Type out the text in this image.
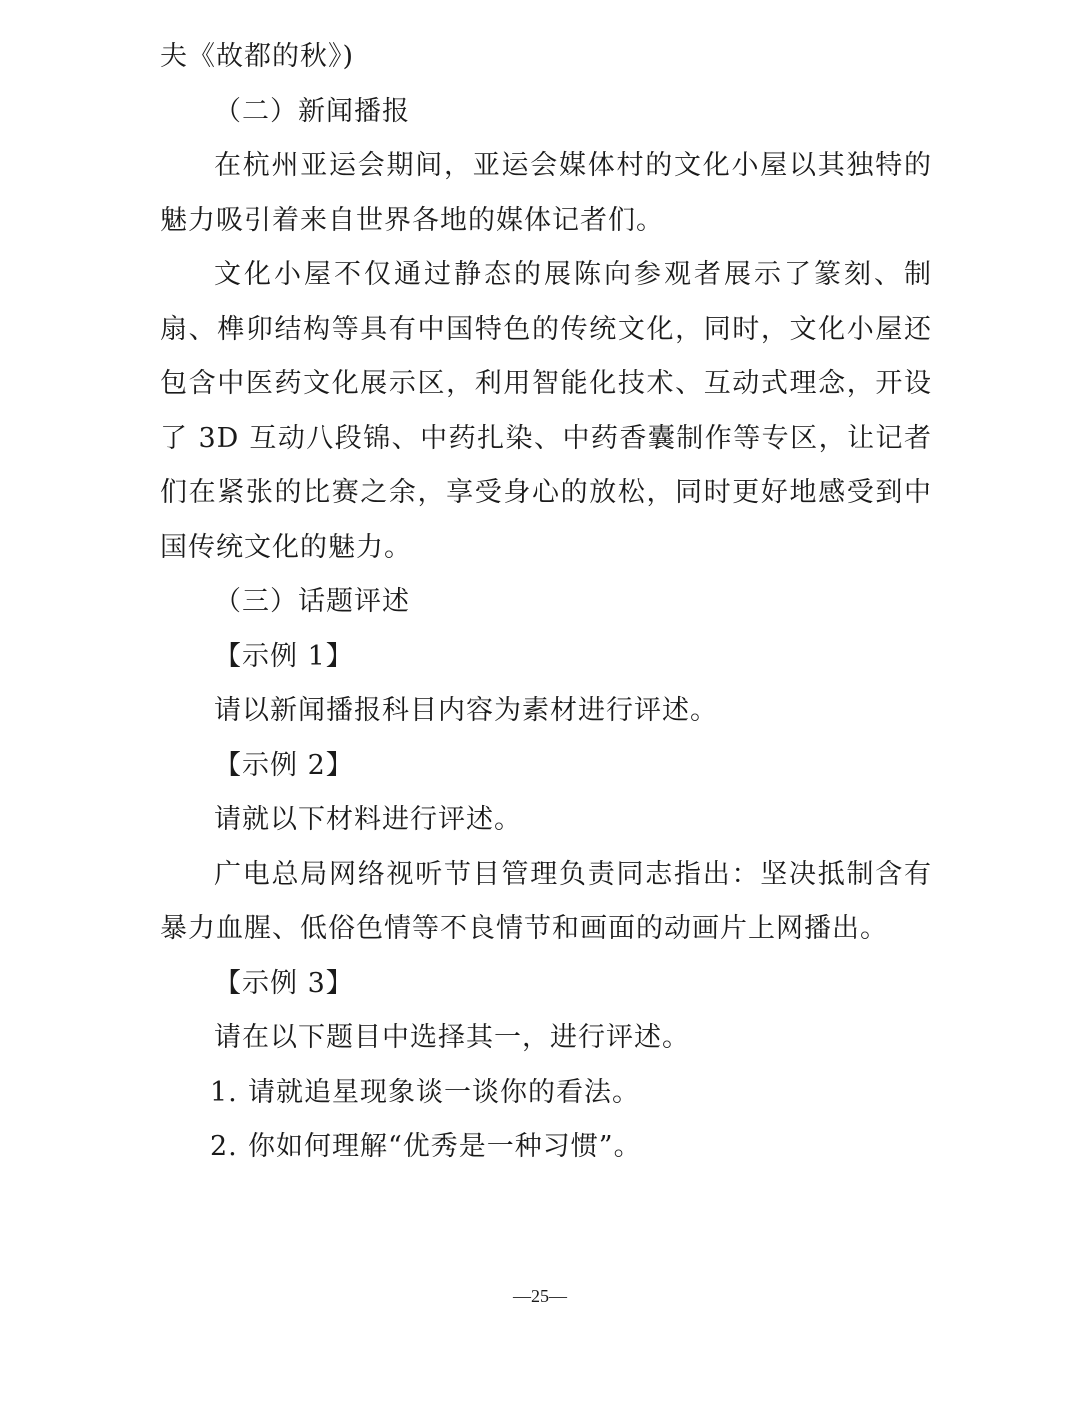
夫《故都的秋》)
（二）新闻播报
在杭州亚运会期间，亚运会媒体村的文化小屋以其独特的魅力吸引着来自世界各地的媒体记者们。
文化小屋不仅通过静态的展陈向参观者展示了篆刻、制扇、榫卯结构等具有中国特色的传统文化，同时，文化小屋还包含中医药文化展示区，利用智能化技术、互动式理念，开设了 3D 互动八段锦、中药扎染、中药香囊制作等专区，让记者们在紧张的比赛之余，享受身心的放松，同时更好地感受到中国传统文化的魅力。
（三）话题评述
【示例 1】
请以新闻播报科目内容为素材进行评述。
【示例 2】
请就以下材料进行评述。
广电总局网络视听节目管理负责同志指出：坚决抵制含有暴力血腥、低俗色情等不良情节和画面的动画片上网播出。
【示例 3】
请在以下题目中选择其一，进行评述。
1. 请就追星现象谈一谈你的看法。
2. 你如何理解“优秀是一种习惯”。
—25—
